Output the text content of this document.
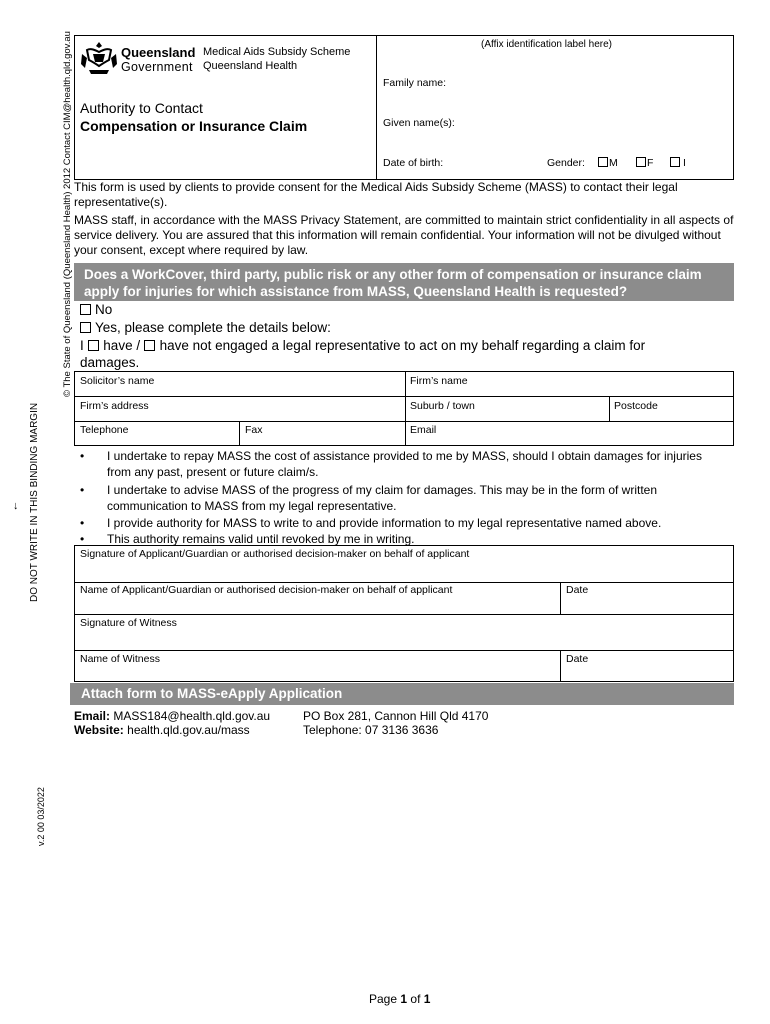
© The State of Queensland (Queensland Health) 2012 Contact CIM@health.qld.gov.au
DO NOT WRITE IN THIS BINDING MARGIN
←
v.2 00 03/2022
Queensland
Government
Medical Aids Subsidy Scheme
Queensland Health
Authority to Contact
Compensation or Insurance Claim
(Affix identification label here)
Family name:
Given name(s):
Date of birth:	Gender:	M	F	I
This form is used by clients to provide consent for the Medical Aids Subsidy Scheme (MASS) to contact their legal representative(s).
MASS staff, in accordance with the MASS Privacy Statement, are committed to maintain strict confidentiality in all aspects of service delivery. You are assured that this information will remain confidential. Your information will not be divulged without your consent, except where required by law.
Does a WorkCover, third party, public risk or any other form of compensation or insurance claim apply for injuries for which assistance from MASS, Queensland Health is requested?
No
Yes, please complete the details below:
I have / have not engaged a legal representative to act on my behalf regarding a claim for damages.
Solicitor’s name	Firm’s name
Firm’s address	Suburb / town	Postcode
Telephone	Fax	Email
• I undertake to repay MASS the cost of assistance provided to me by MASS, should I obtain damages for injuries from any past, present or future claim/s.
• I undertake to advise MASS of the progress of my claim for damages. This may be in the form of written communication to MASS from my legal representative.
• I provide authority for MASS to write to and provide information to my legal representative named above.
• This authority remains valid until revoked by me in writing.
Signature of Applicant/Guardian or authorised decision-maker on behalf of applicant
Name of Applicant/Guardian or authorised decision-maker on behalf of applicant	Date
Signature of Witness
Name of Witness	Date
Attach form to MASS-eApply Application
Email: MASS184@health.qld.gov.au
Website: health.qld.gov.au/mass
PO Box 281, Cannon Hill Qld 4170
Telephone: 07 3136 3636
Page 1 of 1
